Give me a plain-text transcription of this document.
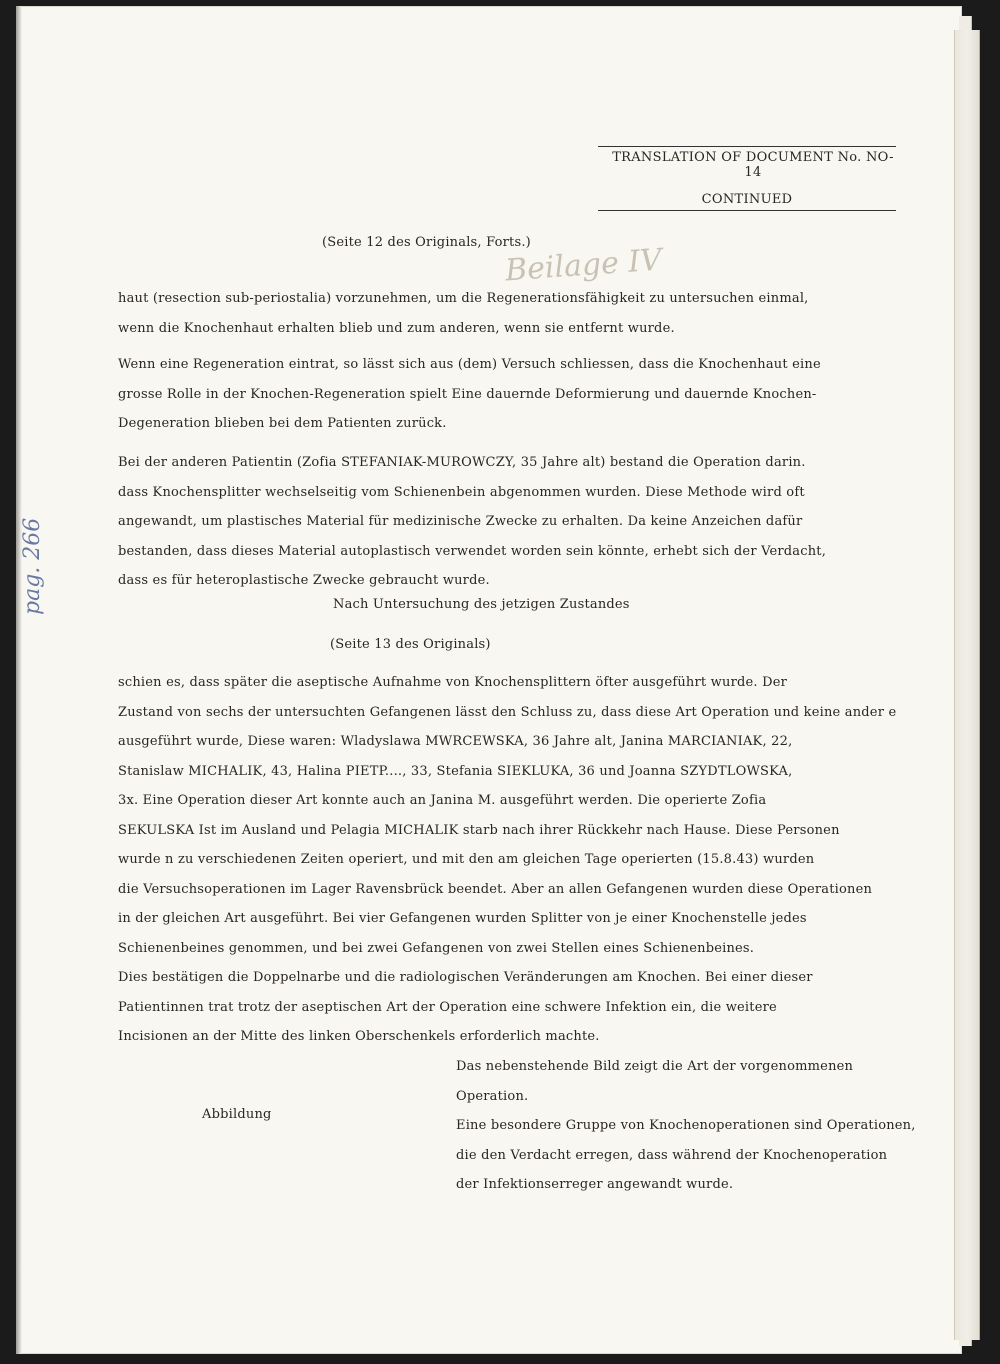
Beilage IV
pag. 266
TRANSLATION OF DOCUMENT No. NO-14
CONTINUED
(Seite 12 des Originals, Forts.)
haut (resection sub-periostalia) vorzunehmen, um die Regenerationsfähigkeit zu untersuchen einmal,
wenn die Knochenhaut erhalten blieb und zum anderen, wenn sie entfernt wurde.
Wenn eine Regeneration eintrat, so lässt sich aus (dem) Versuch schliessen, dass die Knochenhaut eine
grosse Rolle in der Knochen-Regeneration spielt Eine dauernde Deformierung und dauernde Knochen-
Degeneration blieben bei dem Patienten zurück.
Bei der anderen Patientin (Zofia STEFANIAK-MUROWCZY, 35 Jahre alt) bestand die Operation darin.
dass Knochensplitter wechselseitig vom Schienenbein abgenommen wurden. Diese Methode wird oft
angewandt, um plastisches Material für medizinische Zwecke zu erhalten. Da keine Anzeichen dafür
bestanden, dass dieses Material autoplastisch verwendet worden sein könnte, erhebt sich der Verdacht,
dass es für heteroplastische Zwecke gebraucht wurde.
Nach Untersuchung des jetzigen Zustandes
(Seite 13 des Originals)
schien es, dass später die aseptische Aufnahme von Knochensplittern öfter ausgeführt wurde. Der
Zustand von sechs der untersuchten Gefangenen lässt den Schluss zu, dass diese Art Operation und keine ander e
ausgeführt wurde, Diese waren: Wladyslawa MWRCEWSKA, 36 Jahre alt, Janina MARCIANIAK, 22,
Stanislaw MICHALIK, 43, Halina PIETP...., 33, Stefania SIEKLUKA, 36 und Joanna SZYDTLOWSKA,
3x. Eine Operation dieser Art konnte auch an Janina M. ausgeführt werden. Die operierte Zofia
SEKULSKA Ist im Ausland und Pelagia MICHALIK starb nach ihrer Rückkehr nach Hause. Diese Personen
wurde n zu verschiedenen Zeiten operiert, und mit den am gleichen Tage operierten (15.8.43) wurden
die Versuchsoperationen im Lager Ravensbrück beendet. Aber an allen Gefangenen wurden diese Operationen
in der gleichen Art ausgeführt. Bei vier Gefangenen wurden Splitter von je einer Knochenstelle jedes
Schienenbeines genommen, und bei zwei Gefangenen von zwei Stellen eines Schienenbeines.
Dies bestätigen die Doppelnarbe und die radiologischen Veränderungen am Knochen. Bei einer dieser
Patientinnen trat trotz der aseptischen Art der Operation eine schwere Infektion ein, die weitere
Incisionen an der Mitte des linken Oberschenkels erforderlich machte.
Abbildung
Das nebenstehende Bild zeigt die Art der vorgenommenen
Operation.
Eine besondere Gruppe von Knochenoperationen sind Operationen,
die den Verdacht erregen, dass während der Knochenoperation
der Infektionserreger angewandt wurde.
